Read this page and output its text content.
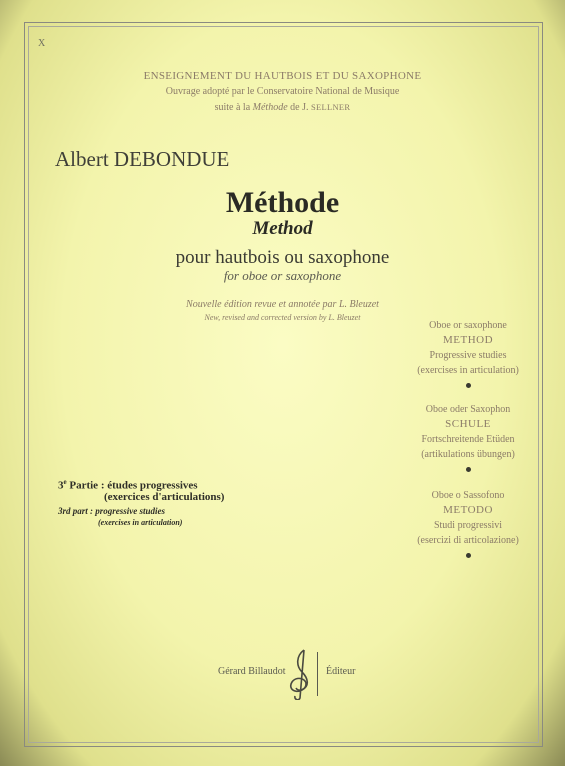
X
ENSEIGNEMENT DU HAUTBOIS ET DU SAXOPHONE
Ouvrage adopté par le Conservatoire National de Musique
suite à la Méthode de J. SELLNER
Albert DEBONDUE
Méthode
Method
pour hautbois ou saxophone
for oboe or saxophone
Nouvelle édition revue et annotée par L. Bleuzet
New, revised and corrected version by L. Bleuzet
Oboe or saxophone
METHOD
Progressive studies
(exercises in articulation)
Oboe oder Saxophon
SCHULE
Fortschreitende Etüden
(artikulations übungen)
Oboe o Sassofono
METODO
Studi progressivi
(esercizi di articolazione)
3e Partie : études progressives
(exercices d'articulations)
3rd part : progressive studies
(exercises in articulation)
Gérard Billaudot	Éditeur
